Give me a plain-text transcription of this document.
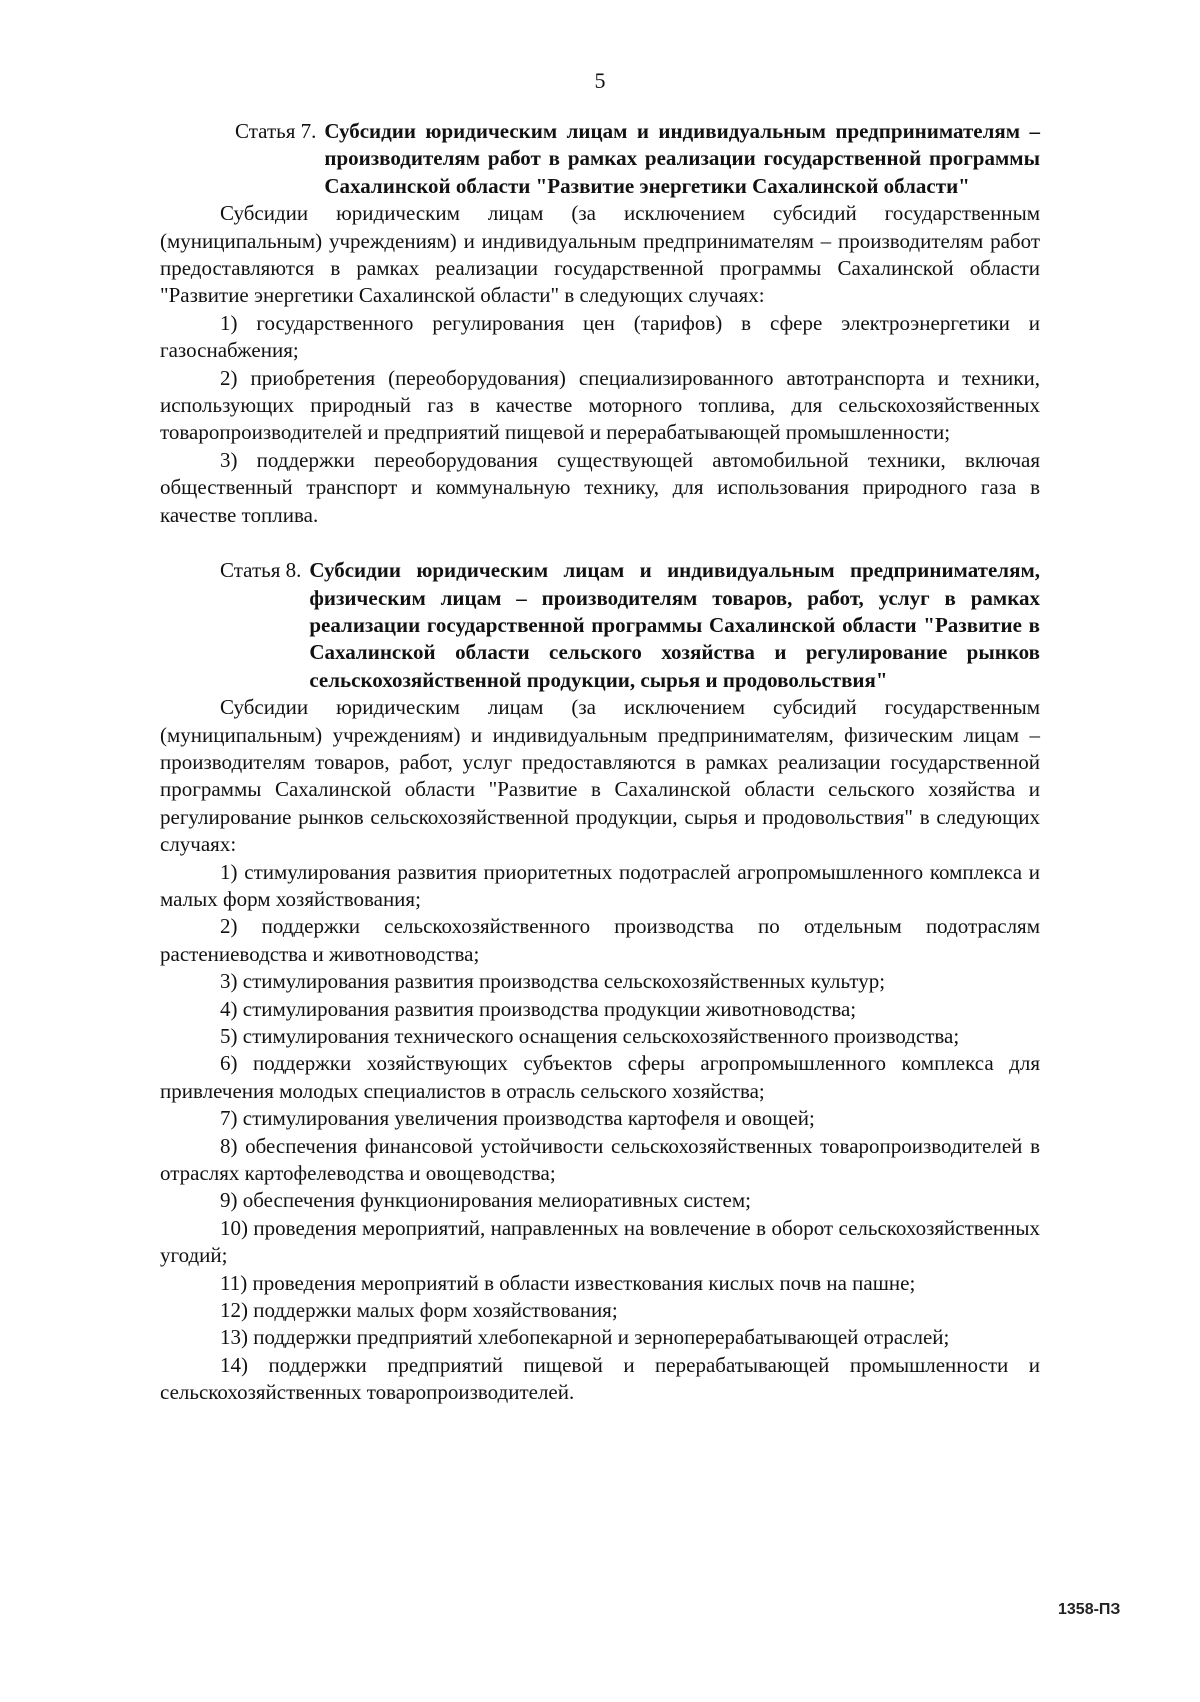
5
Статья 7. Субсидии юридическим лицам и индивидуальным предпринимателям – производителям работ в рамках реализации государственной программы Сахалинской области "Развитие энергетики Сахалинской области"

Субсидии юридическим лицам (за исключением субсидий государственным (муниципальным) учреждениям) и индивидуальным предпринимателям – производителям работ предоставляются в рамках реализации государственной программы Сахалинской области "Развитие энергетики Сахалинской области" в следующих случаях:

1) государственного регулирования цен (тарифов) в сфере электроэнергетики и газоснабжения;

2) приобретения (переоборудования) специализированного автотранспорта и техники, использующих природный газ в качестве моторного топлива, для сельскохозяйственных товаропроизводителей и предприятий пищевой и перерабатывающей промышленности;

3) поддержки переоборудования существующей автомобильной техники, включая общественный транспорт и коммунальную технику, для использования природного газа в качестве топлива.

Статья 8. Субсидии юридическим лицам и индивидуальным предпринимателям, физическим лицам – производителям товаров, работ, услуг в рамках реализации государственной программы Сахалинской области "Развитие в Сахалинской области сельского хозяйства и регулирование рынков сельскохозяйственной продукции, сырья и продовольствия"

Субсидии юридическим лицам (за исключением субсидий государственным (муниципальным) учреждениям) и индивидуальным предпринимателям, физическим лицам – производителям товаров, работ, услуг предоставляются в рамках реализации государственной программы Сахалинской области "Развитие в Сахалинской области сельского хозяйства и регулирование рынков сельскохозяйственной продукции, сырья и продовольствия" в следующих случаях:

1) стимулирования развития приоритетных подотраслей агропромышленного комплекса и малых форм хозяйствования;

2) поддержки сельскохозяйственного производства по отдельным подотраслям растениеводства и животноводства;

3) стимулирования развития производства сельскохозяйственных культур;

4) стимулирования развития производства продукции животноводства;

5) стимулирования технического оснащения сельскохозяйственного производства;

6) поддержки хозяйствующих субъектов сферы агропромышленного комплекса для привлечения молодых специалистов в отрасль сельского хозяйства;

7) стимулирования увеличения производства картофеля и овощей;

8) обеспечения финансовой устойчивости сельскохозяйственных товаропроизводителей в отраслях картофелеводства и овощеводства;

9) обеспечения функционирования мелиоративных систем;

10) проведения мероприятий, направленных на вовлечение в оборот сельскохозяйственных угодий;

11) проведения мероприятий в области известкования кислых почв на пашне;

12) поддержки малых форм хозяйствования;

13) поддержки предприятий хлебопекарной и зерноперерабатывающей отраслей;

14) поддержки предприятий пищевой и перерабатывающей промышленности и сельскохозяйственных товаропроизводителей.

1358-ПЗ
